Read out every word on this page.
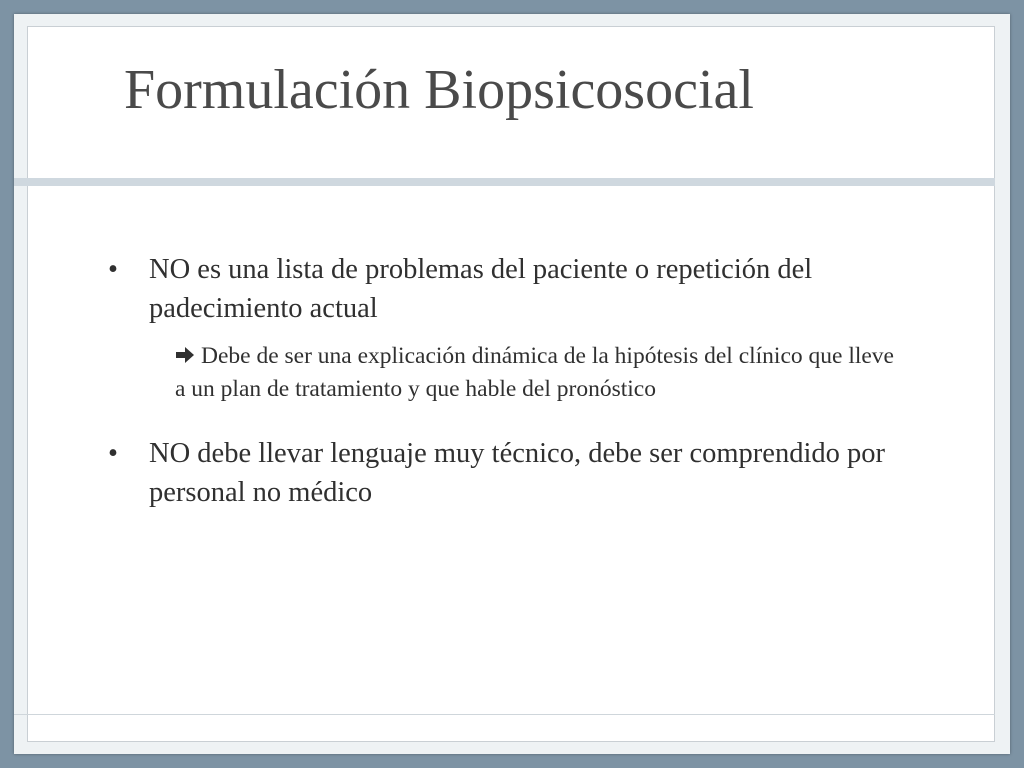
Formulación Biopsicosocial
• NO es una lista de problemas del paciente o repetición del padecimiento actual
Debe de ser una explicación dinámica de la hipótesis del clínico que lleve a un plan de tratamiento y que hable del pronóstico
• NO debe llevar lenguaje muy técnico, debe ser comprendido por personal no médico
